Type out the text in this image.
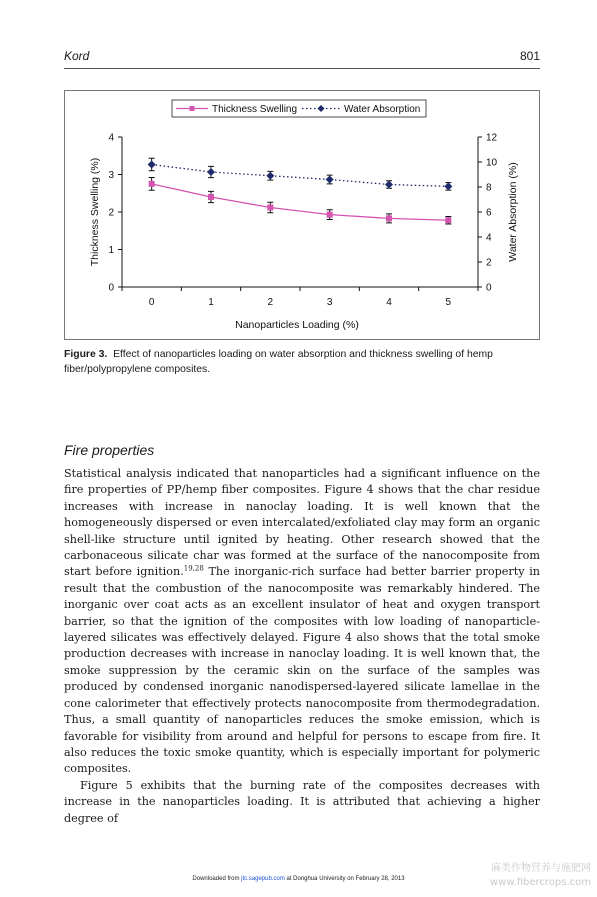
Kord	801
Thickness Swelling	Water Absorption
0
1
2
3
4
0
2
4
6
8
10
12
0	1	2	3	4	5
Nanoparticles Loading (%)
Thickness Swelling (%)	Water Absorption (%)
Figure 3. Effect of nanoparticles loading on water absorption and thickness swelling of hemp fiber/polypropylene composites.
Fire properties

Statistical analysis indicated that nanoparticles had a significant influence on the fire properties of PP/hemp fiber composites. Figure 4 shows that the char residue increases with increase in nanoclay loading. It is well known that the homogeneously dispersed or even intercalated/exfoliated clay may form an organic shell-like structure until ignited by heating. Other research showed that the carbonaceous silicate char was formed at the surface of the nanocomposite from start before ignition.$^{19,28}$ The inorganic-rich surface had better barrier property in result that the combustion of the nanocomposite was remarkably hindered. The inorganic over coat acts as an excellent insulator of heat and oxygen transport barrier, so that the ignition of the composites with low loading of nanoparticle-layered silicates was effectively delayed. Figure 4 also shows that the total smoke production decreases with increase in nanoclay loading. It is well known that, the smoke suppression by the ceramic skin on the surface of the samples was produced by condensed inorganic nanodispersed-layered silicate lamellae in the cone calorimeter that effectively protects nanocomposite from thermodegradation. Thus, a small quantity of nanoparticles reduces the smoke emission, which is favorable for visibility from around and helpful for persons to escape from fire. It also reduces the toxic smoke quantity, which is especially important for polymeric composites.

Figure 5 exhibits that the burning rate of the composites decreases with increase in the nanoparticles loading. It is attributed that achieving a higher degree of

Downloaded from jtc.sagepub.com at Donghua University on February 28, 2013
麻类作物营养与施肥网
www.fibercrops.com
